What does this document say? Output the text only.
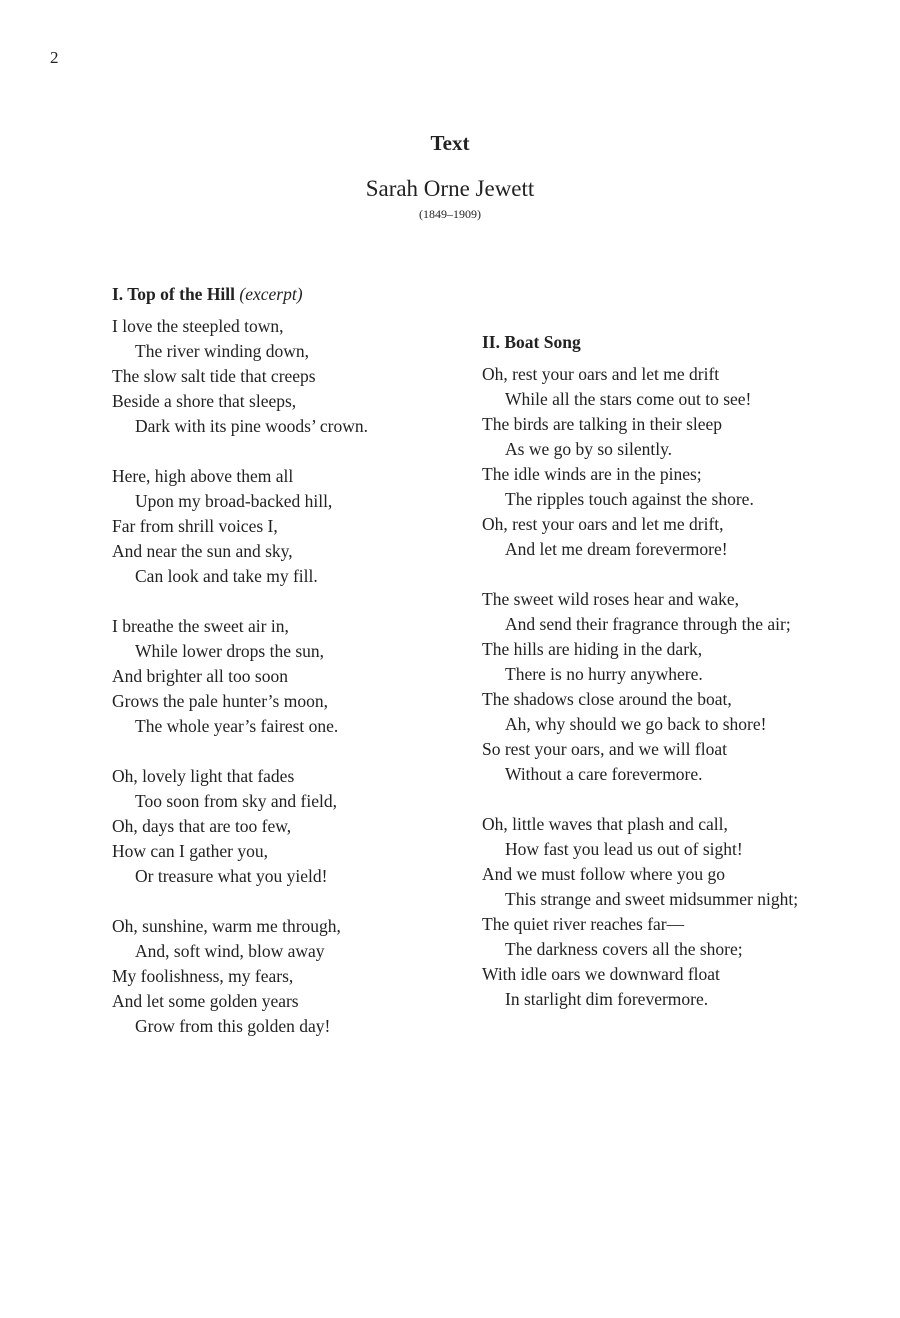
2
Text
Sarah Orne Jewett
(1849–1909)
I. Top of the Hill (excerpt)
I love the steepled town,
The river winding down,
The slow salt tide that creeps
Beside a shore that sleeps,
Dark with its pine woods’ crown.
Here, high above them all
Upon my broad-backed hill,
Far from shrill voices I,
And near the sun and sky,
Can look and take my fill.
I breathe the sweet air in,
While lower drops the sun,
And brighter all too soon
Grows the pale hunter’s moon,
The whole year’s fairest one.
Oh, lovely light that fades
Too soon from sky and field,
Oh, days that are too few,
How can I gather you,
Or treasure what you yield!
Oh, sunshine, warm me through,
And, soft wind, blow away
My foolishness, my fears,
And let some golden years
Grow from this golden day!
II. Boat Song
Oh, rest your oars and let me drift
While all the stars come out to see!
The birds are talking in their sleep
As we go by so silently.
The idle winds are in the pines;
The ripples touch against the shore.
Oh, rest your oars and let me drift,
And let me dream forevermore!
The sweet wild roses hear and wake,
And send their fragrance through the air;
The hills are hiding in the dark,
There is no hurry anywhere.
The shadows close around the boat,
Ah, why should we go back to shore!
So rest your oars, and we will float
Without a care forevermore.
Oh, little waves that plash and call,
How fast you lead us out of sight!
And we must follow where you go
This strange and sweet midsummer night;
The quiet river reaches far—
The darkness covers all the shore;
With idle oars we downward float
In starlight dim forevermore.
